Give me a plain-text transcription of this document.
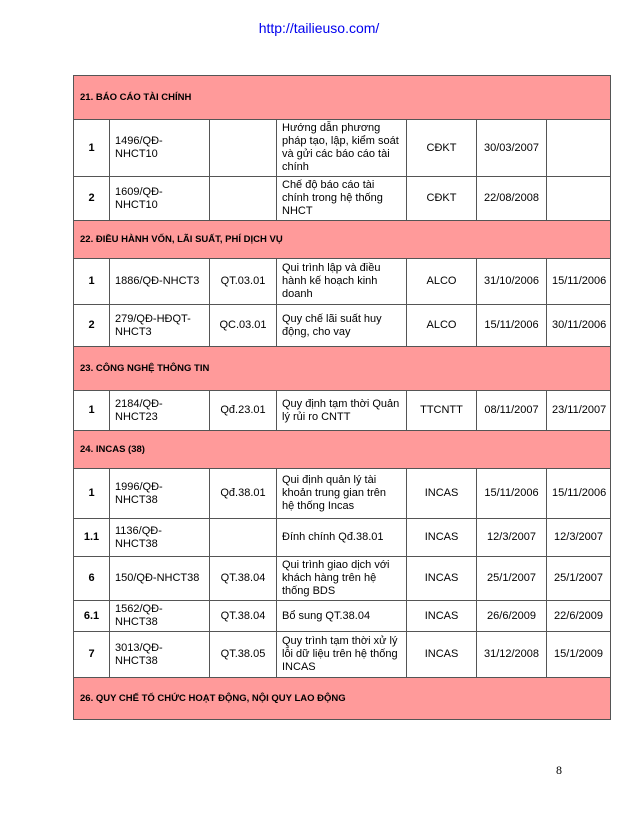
http://tailieuso.com/
21. BÁO CÁO TÀI CHÍNH						
1	1496/QĐ-NHCT10		Hướng dẫn phương pháp tạo, lập, kiểm soát và gửi các báo cáo tài chính	CĐKT	30/03/2007	
2	1609/QĐ-NHCT10		Chế độ báo cáo tài chính trong hệ thống NHCT	CĐKT	22/08/2008	
22. ĐIỀU HÀNH VỐN, LÃI SUẤT, PHÍ DỊCH VỤ						
1	1886/QĐ-NHCT3	QT.03.01	Qui trình lập và điều hành kế hoạch kinh doanh	ALCO	31/10/2006	15/11/2006
2	279/QĐ-HĐQT-NHCT3	QC.03.01	Quy chế lãi suất huy động, cho vay	ALCO	15/11/2006	30/11/2006
23. CÔNG NGHỆ THÔNG TIN						
1	2184/QĐ-NHCT23	Qđ.23.01	Quy định tạm thời Quản lý rủi ro CNTT	TTCNTT	08/11/2007	23/11/2007
24. INCAS (38)						
1	1996/QĐ-NHCT38	Qđ.38.01	Qui định quản lý tài khoản trung gian trên hệ thống Incas	INCAS	15/11/2006	15/11/2006
1.1	1136/QĐ-NHCT38		Đính chính Qđ.38.01	INCAS	12/3/2007	12/3/2007
6	150/QĐ-NHCT38	QT.38.04	Qui trình giao dịch với khách hàng trên hệ thống BDS	INCAS	25/1/2007	25/1/2007
6.1	1562/QĐ-NHCT38	QT.38.04	Bổ sung QT.38.04	INCAS	26/6/2009	22/6/2009
7	3013/QĐ-NHCT38	QT.38.05	Quy trình tạm thời xử lý lỗi dữ liệu trên hệ thống INCAS	INCAS	31/12/2008	15/1/2009
26. QUY CHẾ TỔ CHỨC HOẠT ĐỘNG, NỘI QUY LAO ĐỘNG						
8
